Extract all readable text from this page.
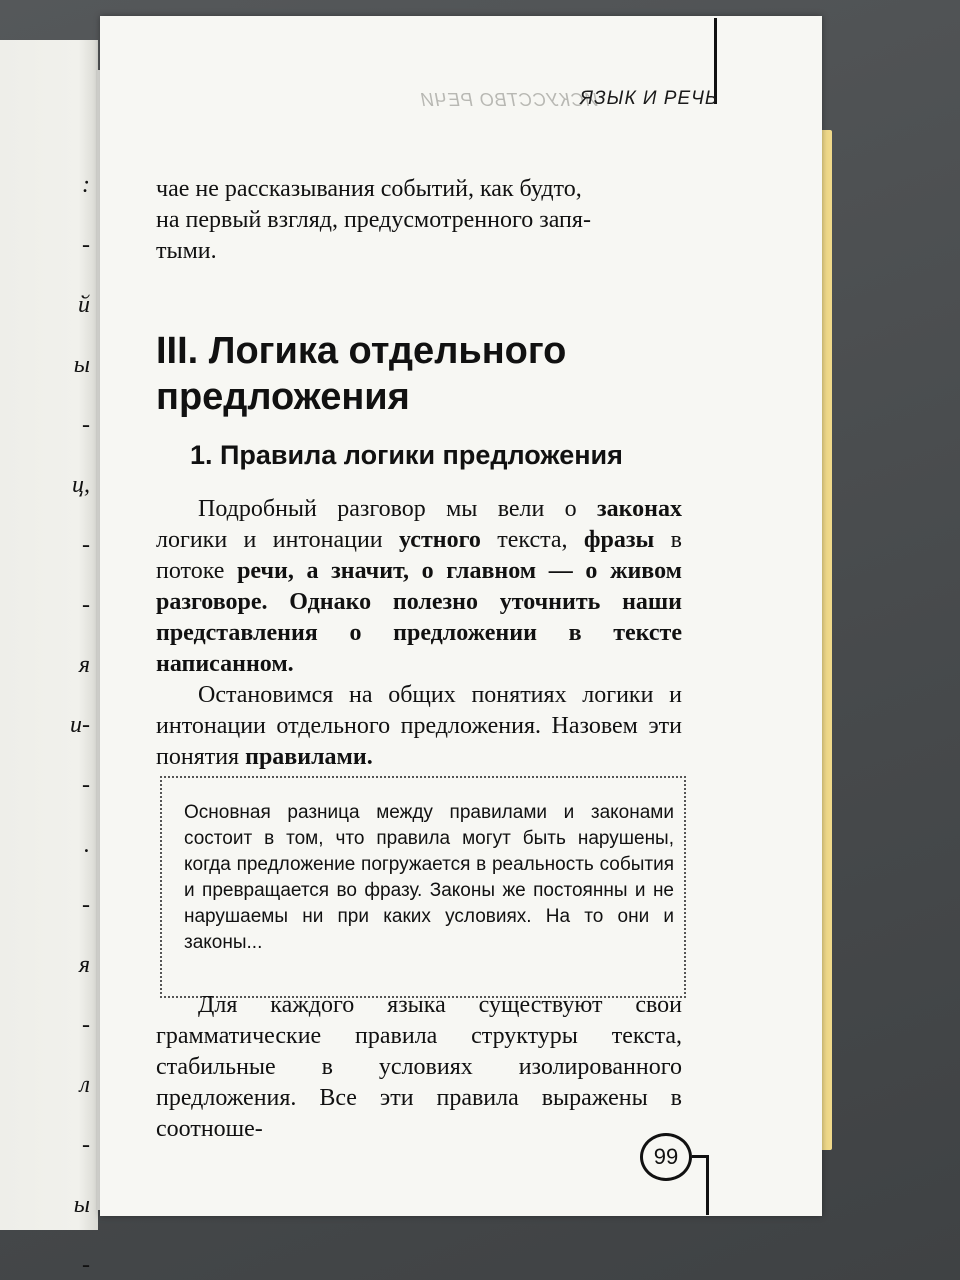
:
-
й
ы
-
ц,
-
-
я
и-
-
.
-
я
-
л
-
ы
-
ИСКУССТВО РЕЧИ
ЯЗЫК И РЕЧЬ

чае не рассказывания событий, как будто,

на первый взгляд, предусмотренного запя-

тыми.

III. Логика отдельного
предложения
1. Правила логики предложения

Подробный разговор мы вели о законах логики и интонации устного текста, фразы в потоке речи, а значит, о главном — о живом разговоре. Однако полезно уточнить наши представления о предложении в тексте написанном.

Остановимся на общих понятиях логики и интонации отдельного предложения. Назовем эти понятия правилами.

Основная разница между правилами и законами состоит в том, что правила могут быть нарушены, когда предложение погружается в реальность события и превращается во фразу. Законы же постоянны и не нарушаемы ни при каких условиях. На то они и законы...

Для каждого языка существуют свои грамматические правила структуры текста, стабильные в условиях изолированного предложения. Все эти правила выражены в соотноше-

99
